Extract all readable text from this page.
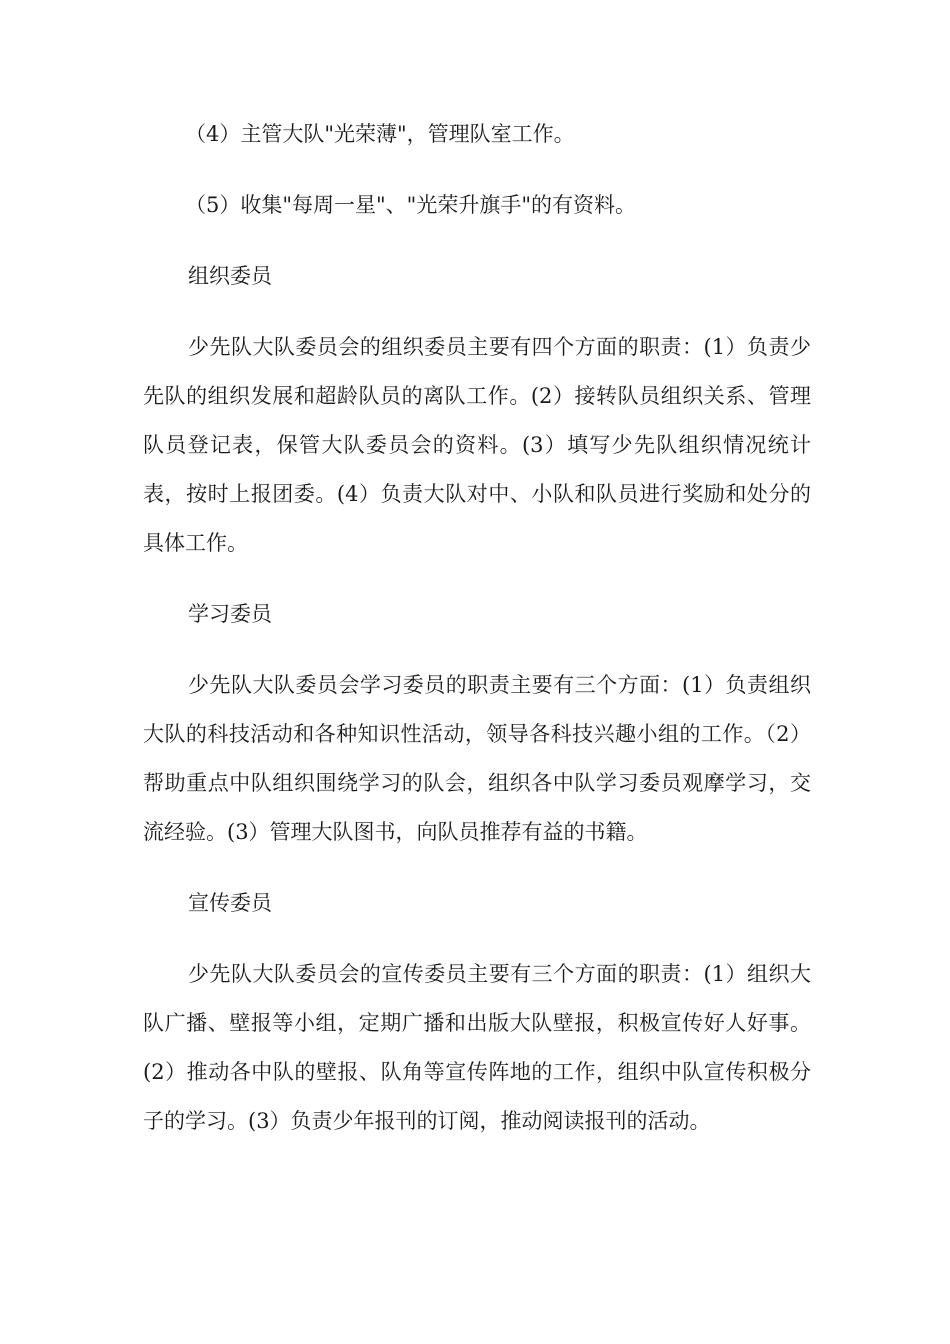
（4）主管大队"光荣薄"，管理队室工作。

（5）收集"每周一星"、"光荣升旗手"的有资料。

组织委员

少先队大队委员会的组织委员主要有四个方面的职责：(1）负责少先队的组织发展和超龄队员的离队工作。(2）接转队员组织关系、管理队员登记表，保管大队委员会的资料。(3）填写少先队组织情况统计表，按时上报团委。(4）负责大队对中、小队和队员进行奖励和处分的具体工作。

学习委员

少先队大队委员会学习委员的职责主要有三个方面：(1）负责组织大队的科技活动和各种知识性活动，领导各科技兴趣小组的工作。（2）帮助重点中队组织围绕学习的队会，组织各中队学习委员观摩学习，交流经验。(3）管理大队图书，向队员推荐有益的书籍。

宣传委员

少先队大队委员会的宣传委员主要有三个方面的职责：(1）组织大队广播、壁报等小组，定期广播和出版大队壁报，积极宣传好人好事。(2）推动各中队的壁报、队角等宣传阵地的工作，组织中队宣传积极分子的学习。(3）负责少年报刊的订阅，推动阅读报刊的活动。
